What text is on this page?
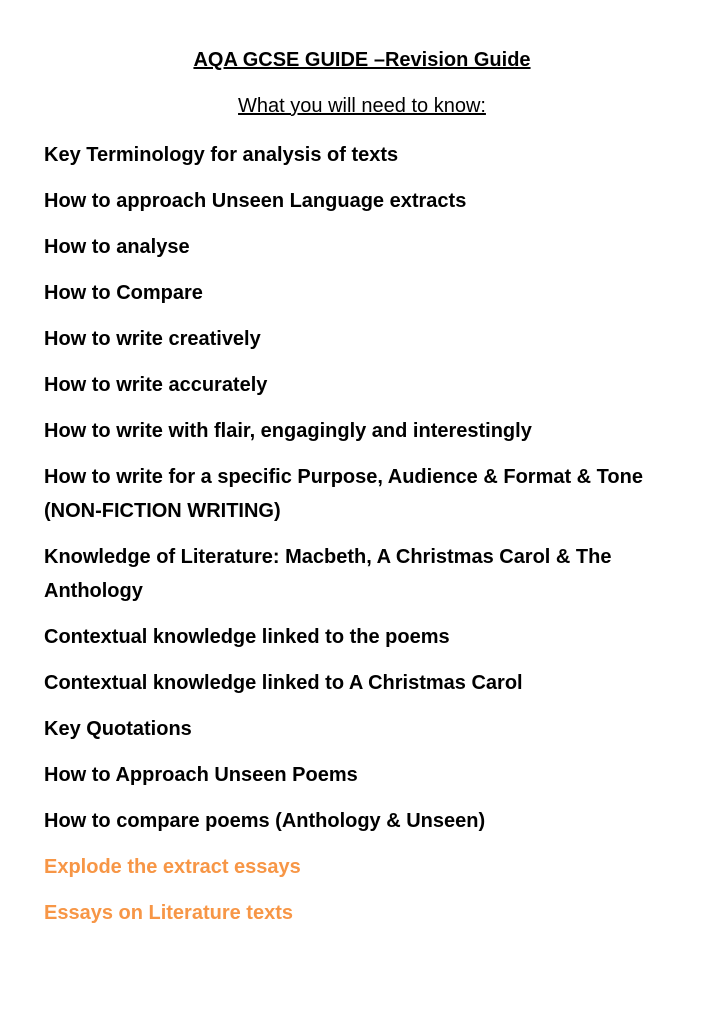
AQA GCSE GUIDE –Revision Guide
What you will need to know:
Key Terminology for analysis of texts
How to approach Unseen Language extracts
How to analyse
How to Compare
How to write creatively
How to write accurately
How to write with flair, engagingly and interestingly
How to write for a specific Purpose, Audience & Format & Tone (NON-FICTION WRITING)
Knowledge of Literature: Macbeth, A Christmas Carol & The Anthology
Contextual knowledge linked to the poems
Contextual knowledge linked to A Christmas Carol
Key Quotations
How to Approach Unseen Poems
How to compare poems (Anthology & Unseen)
Explode the extract essays
Essays on Literature texts
